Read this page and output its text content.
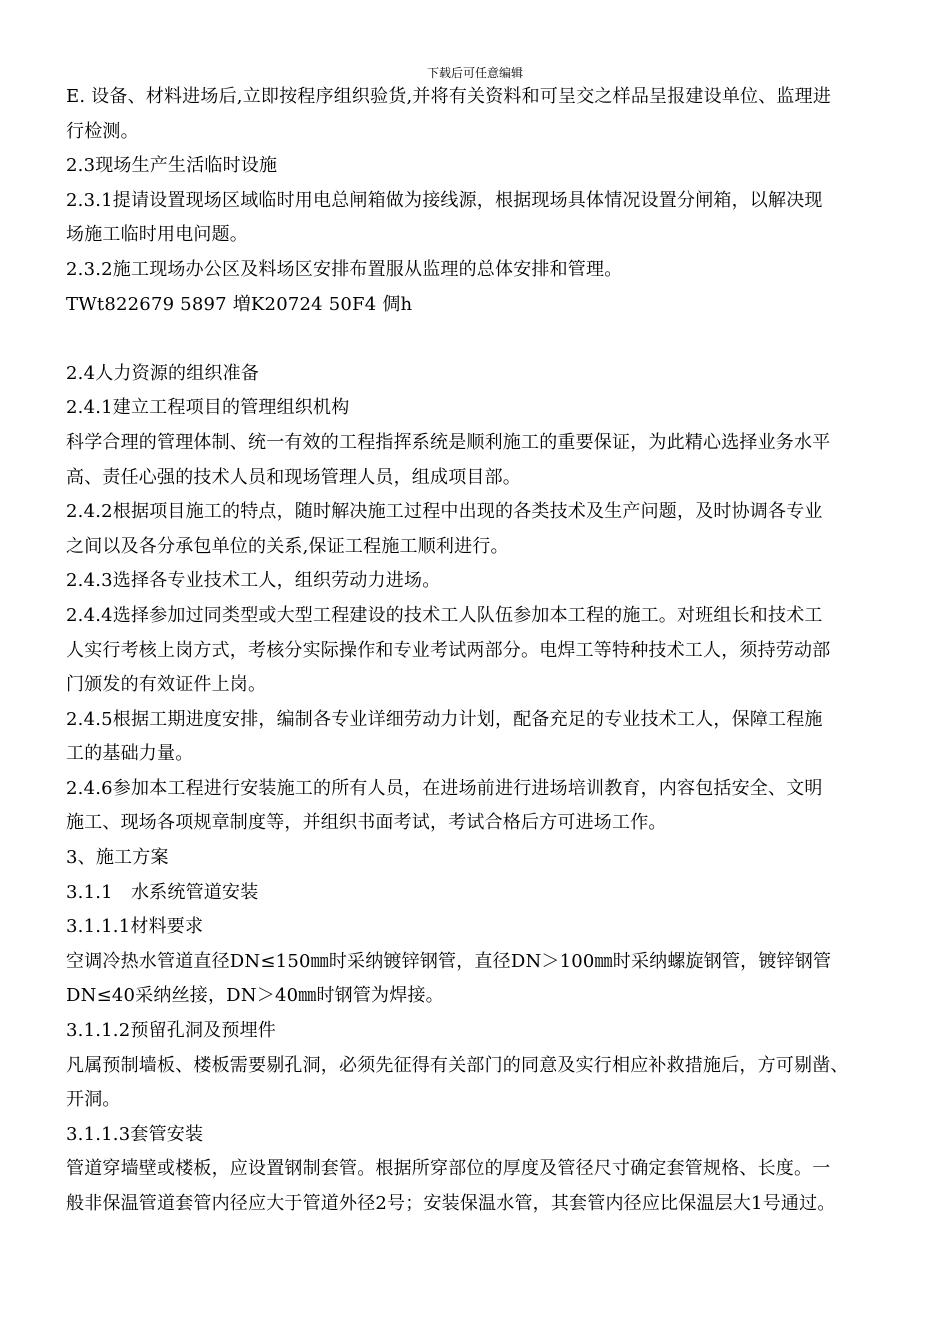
下载后可任意编辑
E. 设备、材料进场后,立即按程序组织验货,并将有关资料和可呈交之样品呈报建设单位、监理进
行检测。
2.3现场生产生活临时设施
2.3.1提请设置现场区域临时用电总闸箱做为接线源，根据现场具体情况设置分闸箱，以解决现
场施工临时用电问题。
2.3.2施工现场办公区及料场区安排布置服从监理的总体安排和管理。
TWt822679 5897 増K20724 50F4 倜h
2.4人力资源的组织准备
2.4.1建立工程项目的管理组织机构
科学合理的管理体制、统一有效的工程指挥系统是顺利施工的重要保证，为此精心选择业务水平
高、责任心强的技术人员和现场管理人员，组成项目部。
2.4.2根据项目施工的特点，随时解决施工过程中出现的各类技术及生产问题，及时协调各专业
之间以及各分承包单位的关系,保证工程施工顺利进行。
2.4.3选择各专业技术工人，组织劳动力进场。
2.4.4选择参加过同类型或大型工程建设的技术工人队伍参加本工程的施工。对班组长和技术工
人实行考核上岗方式，考核分实际操作和专业考试两部分。电焊工等特种技术工人，须持劳动部
门颁发的有效证件上岗。
2.4.5根据工期进度安排，编制各专业详细劳动力计划，配备充足的专业技术工人，保障工程施
工的基础力量。
2.4.6参加本工程进行安装施工的所有人员，在进场前进行进场培训教育，内容包括安全、文明
施工、现场各项规章制度等，并组织书面考试，考试合格后方可进场工作。
3、施工方案
3.1.1　水系统管道安装
3.1.1.1材料要求
空调冷热水管道直径DN≤150㎜时采纳镀锌钢管，直径DN＞100㎜时采纳螺旋钢管，镀锌钢管
DN≤40采纳丝接，DN＞40㎜时钢管为焊接。
3.1.1.2预留孔洞及预埋件
凡属预制墙板、楼板需要剔孔洞，必须先征得有关部门的同意及实行相应补救措施后，方可剔凿、
开洞。
3.1.1.3套管安装
管道穿墙壁或楼板，应设置钢制套管。根据所穿部位的厚度及管径尺寸确定套管规格、长度。一
般非保温管道套管内径应大于管道外径2号；安装保温水管，其套管内径应比保温层大1号通过。
